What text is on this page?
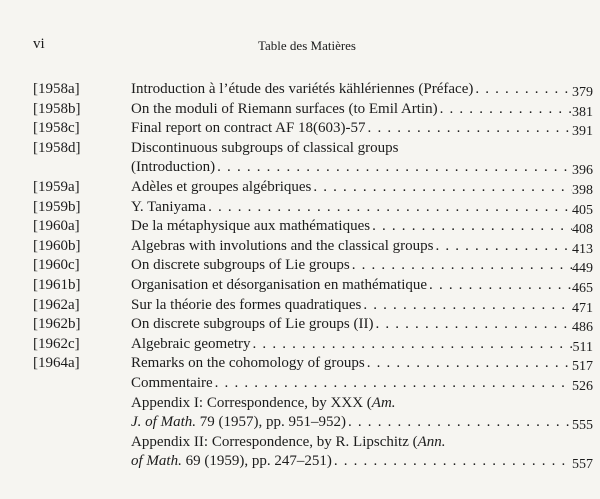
vi	Table des Matières
[1958a]	Introduction à l’étude des variétés kählériennes (Préface) . . .	379
[1958b]	On the moduli of Riemann surfaces (to Emil Artin) . . .	381
[1958c]	Final report on contract AF 18(603)-57 . . .	391
[1958d]	Discontinuous subgroups of classical groups
(Introduction) . . .	396
[1959a]	Adèles et groupes algébriques . . .	398
[1959b]	Y. Taniyama . . .	405
[1960a]	De la métaphysique aux mathématiques . . .	408
[1960b]	Algebras with involutions and the classical groups . . .	413
[1960c]	On discrete subgroups of Lie groups . . .	449
[1961b]	Organisation et désorganisation en mathématique . . .	465
[1962a]	Sur la théorie des formes quadratiques . . .	471
[1962b]	On discrete subgroups of Lie groups (II) . . .	486
[1962c]	Algebraic geometry . . .	511
[1964a]	Remarks on the cohomology of groups . . .	517
Commentaire . . .	526
Appendix I: Correspondence, by XXX (Am.
J. of Math. 79 (1957), pp. 951–952) . . .	555
Appendix II: Correspondence, by R. Lipschitz (Ann.
of Math. 69 (1959), pp. 247–251) . . .	557
